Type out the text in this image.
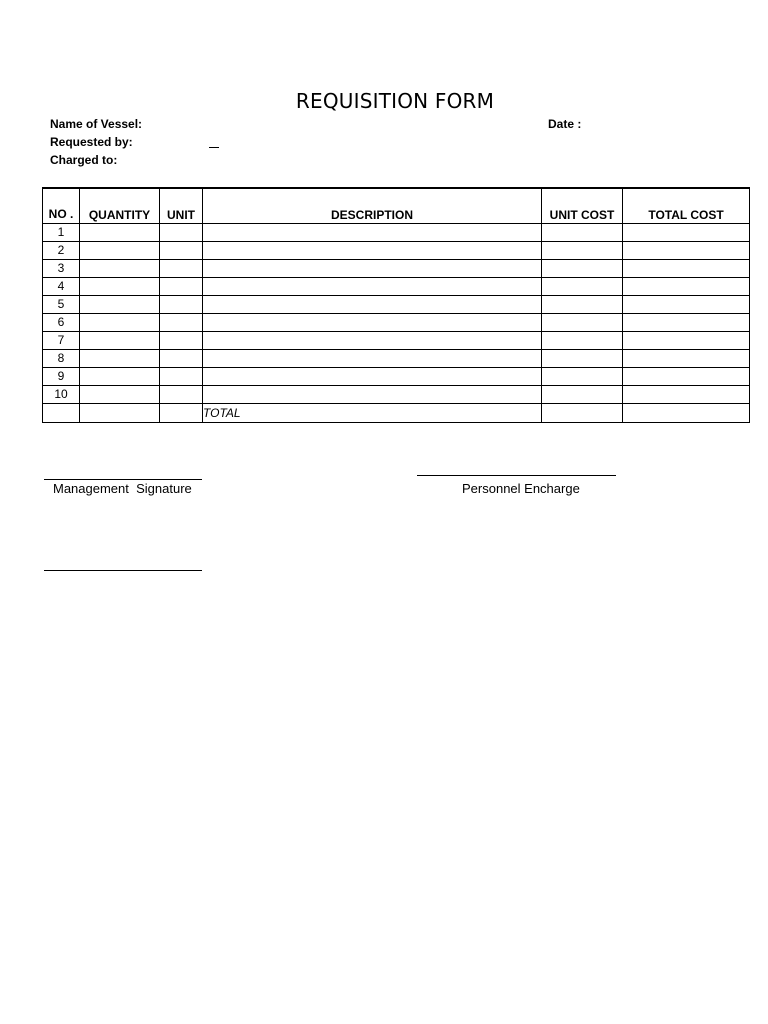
REQUISITION FORM
Name of Vessel:
Requested by:
Charged to:
Date :
NO .	QUANTITY	UNIT	DESCRIPTION	UNIT COST	TOTAL COST
1					
2					
3					
4					
5					
6					
7					
8					
9					
10					
			TOTAL		
Management  Signature	Personnel Encharge
